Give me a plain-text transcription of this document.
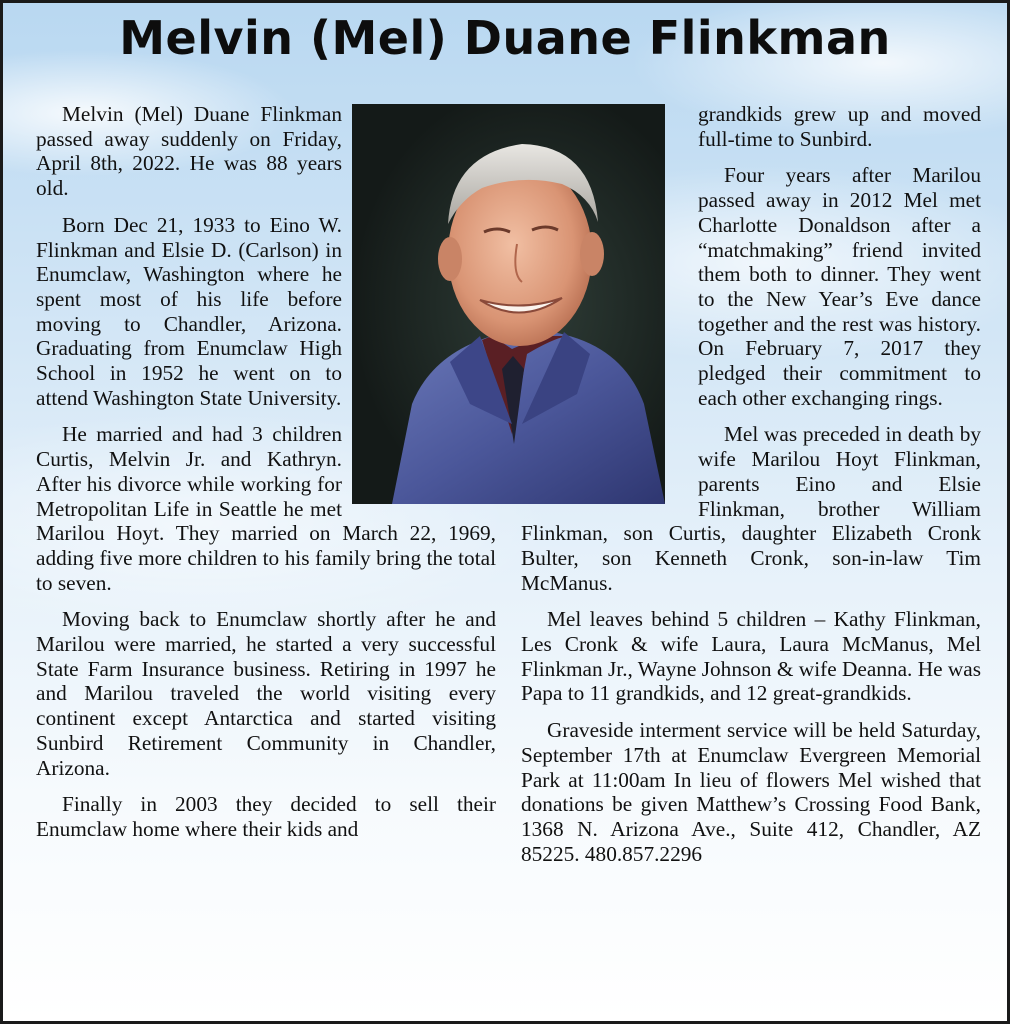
Melvin (Mel) Duane Flinkman

Melvin (Mel) Duane Flinkman passed away suddenly on Friday, April 8th, 2022. He was 88 years old.

Born Dec 21, 1933 to Eino W. Flinkman and Elsie D. (Carlson) in Enumclaw, Washington where he spent most of his life before moving to Chandler, Arizona. Graduating from Enumclaw High School in 1952 he went on to attend Washington State University.

He married and had 3 children Curtis, Melvin Jr. and Kathryn. After his divorce while working for Metropolitan Life in Seattle he met Marilou Hoyt. They married on March 22, 1969, adding five more children to his family bring the total to seven.

Moving back to Enumclaw shortly after he and Marilou were married, he started a very successful State Farm Insurance business. Retiring in 1997 he and Marilou traveled the world visiting every continent except Antarctica and started visiting Sunbird Retirement Community in Chandler, Arizona.

Finally in 2003 they decided to sell their Enumclaw home where their kids and

grandkids grew up and moved full-time to Sunbird.

Four years after Marilou passed away in 2012 Mel met Charlotte Donaldson after a “matchmaking” friend invited them both to dinner. They went to the New Year’s Eve dance together and the rest was history. On February 7, 2017 they pledged their commitment to each other exchanging rings.

Mel was preceded in death by wife Marilou Hoyt Flinkman, parents Eino and Elsie Flinkman, brother William Flinkman, son Curtis, daughter Elizabeth Cronk Bulter, son Kenneth Cronk, son-in-law Tim McManus.

Mel leaves behind 5 children – Kathy Flinkman, Les Cronk & wife Laura, Laura McManus, Mel Flinkman Jr., Wayne Johnson & wife Deanna. He was Papa to 11 grandkids, and 12 great-grandkids.

Graveside interment service will be held Saturday, September 17th at Enumclaw Evergreen Memorial Park at 11:00am In lieu of flowers Mel wished that donations be given Matthew’s Crossing Food Bank, 1368 N. Arizona Ave., Suite 412, Chandler, AZ 85225. 480.857.2296
